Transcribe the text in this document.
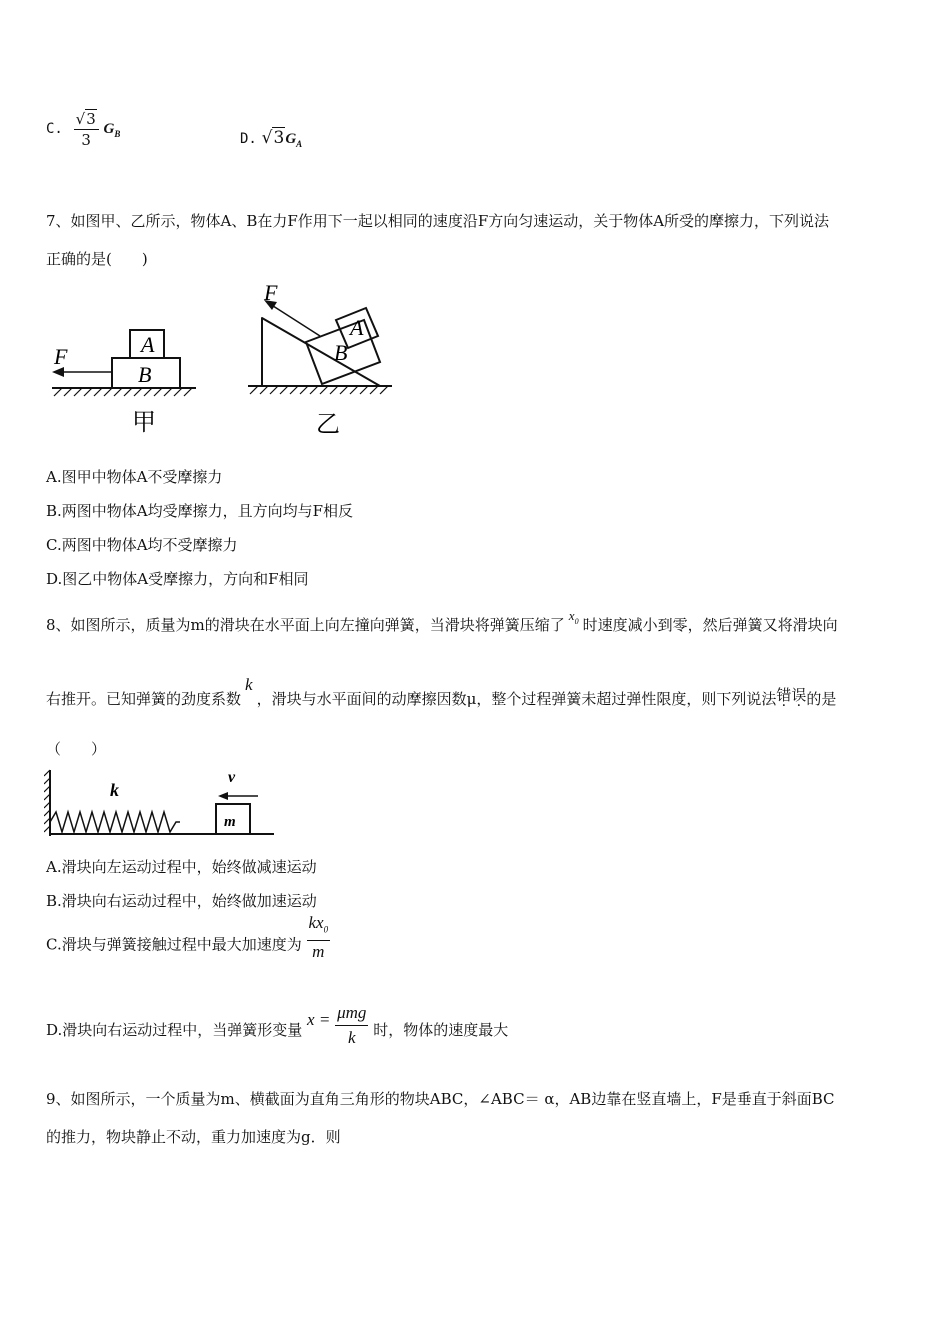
C. $\frac{√3}{3} G_B$	D. $√3G_A$
7、如图甲、乙所示，物体A、B在力F作用下一起以相同的速度沿F方向匀速运动，关于物体A所受的摩擦力，下列说法
正确的是(　　)
A
B
F
甲
A
B
F
乙
A.图甲中物体A不受摩擦力
B.两图中物体A均受摩擦力，且方向均与F相反
C.两图中物体A均不受摩擦力
D.图乙中物体A受摩擦力，方向和F相同
8、如图所示，质量为m的滑块在水平面上向左撞向弹簧，当滑块将弹簧压缩了$x_0$ 时速度减小到零，然后弹簧又将滑块向
右推开。已知弹簧的劲度系数k，滑块与水平面间的动摩擦因数μ，整个过程弹簧未超过弹性限度，则下列说法错误的是
（　　）
k
v
m
A.滑块向左运动过程中，始终做减速运动
B.滑块向右运动过程中，始终做加速运动
C.滑块与弹簧接触过程中最大加速度为 $\frac{kx_0}{m}$
D.滑块向右运动过程中，当弹簧形变量 $x = \frac{\text{μmg}}{k}$ 时，物体的速度最大
9、如图所示，一个质量为m、横截面为直角三角形的物块ABC，∠ABC＝ α，AB边靠在竖直墙上，F是垂直于斜面BC
的推力，物块静止不动，重力加速度为g．则
